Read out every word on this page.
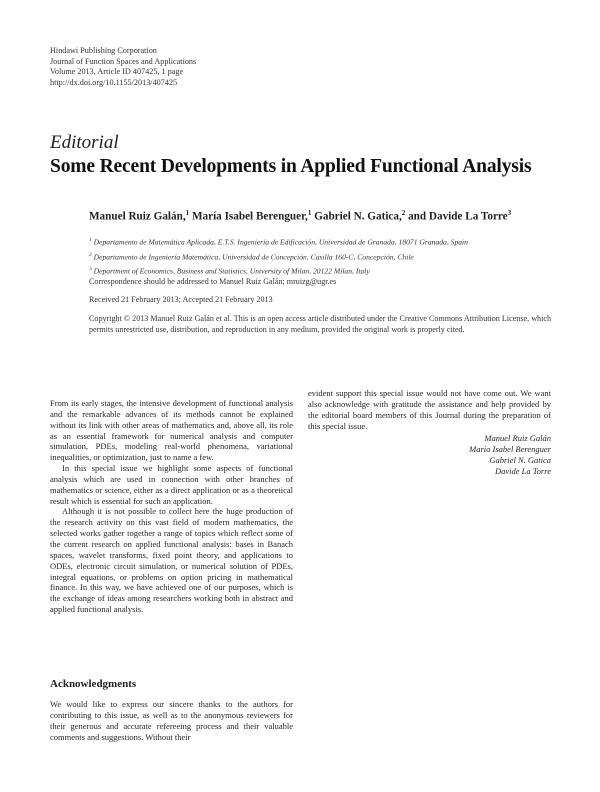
Hindawi Publishing Corporation
Journal of Function Spaces and Applications
Volume 2013, Article ID 407425, 1 page
http://dx.doi.org/10.1155/2013/407425
Editorial
Some Recent Developments in Applied Functional Analysis
Manuel Ruiz Galán,$^1$ María Isabel Berenguer,$^1$ Gabriel N. Gatica,$^2$ and Davide La Torre$^3$
$^1$ Departamento de Matemática Aplicada, E.T.S. Ingeniería de Edificación, Universidad de Granada, 18071 Granada, Spain
$^2$ Departamento de Ingeniería Matemática, Universidad de Concepción, Casilla 160-C, Concepción, Chile
$^3$ Department of Economics, Business and Statistics, University of Milan, 20122 Milan, Italy
Correspondence should be addressed to Manuel Ruiz Galán; mruizg@ugr.es
Received 21 February 2013; Accepted 21 February 2013
Copyright © 2013 Manuel Ruiz Galán et al. This is an open access article distributed under the Creative Commons Attribution License, which permits unrestricted use, distribution, and reproduction in any medium, provided the original work is properly cited.

From its early stages, the intensive development of functional analysis and the remarkable advances of its methods cannot be explained without its link with other areas of mathematics and, above all, its role as an essential framework for numerical analysis and computer simulation, PDEs, modeling real-world phenomena, variational inequalities, or optimization, just to name a few.

In this special issue we highlight some aspects of functional analysis which are used in connection with other branches of mathematics or science, either as a direct application or as a theoretical result which is essential for such an application.

Although it is not possible to collect here the huge production of the research activity on this vast field of modern mathematics, the selected works gather together a range of topics which reflect some of the current research on applied functional analysis: bases in Banach spaces, wavelet transforms, fixed point theory, and applications to ODEs, electronic circuit simulation, or numerical solution of PDEs, integral equations, or problems on option pricing in mathematical finance. In this way, we have achieved one of our purposes, which is the exchange of ideas among researchers working both in abstract and applied functional analysis.

Acknowledgments
We would like to express our sincere thanks to the authors for contributing to this issue, as well as to the anonymous reviewers for their generous and accurate refereeing process and their valuable comments and suggestions. Without their

evident support this special issue would not have come out. We want also acknowledge with gratitude the assistance and help provided by the editorial board members of this Journal during the preparation of this special issue.

Manuel Ruiz Galán
María Isabel Berenguer
Gabriel N. Gatica
Davide La Torre
